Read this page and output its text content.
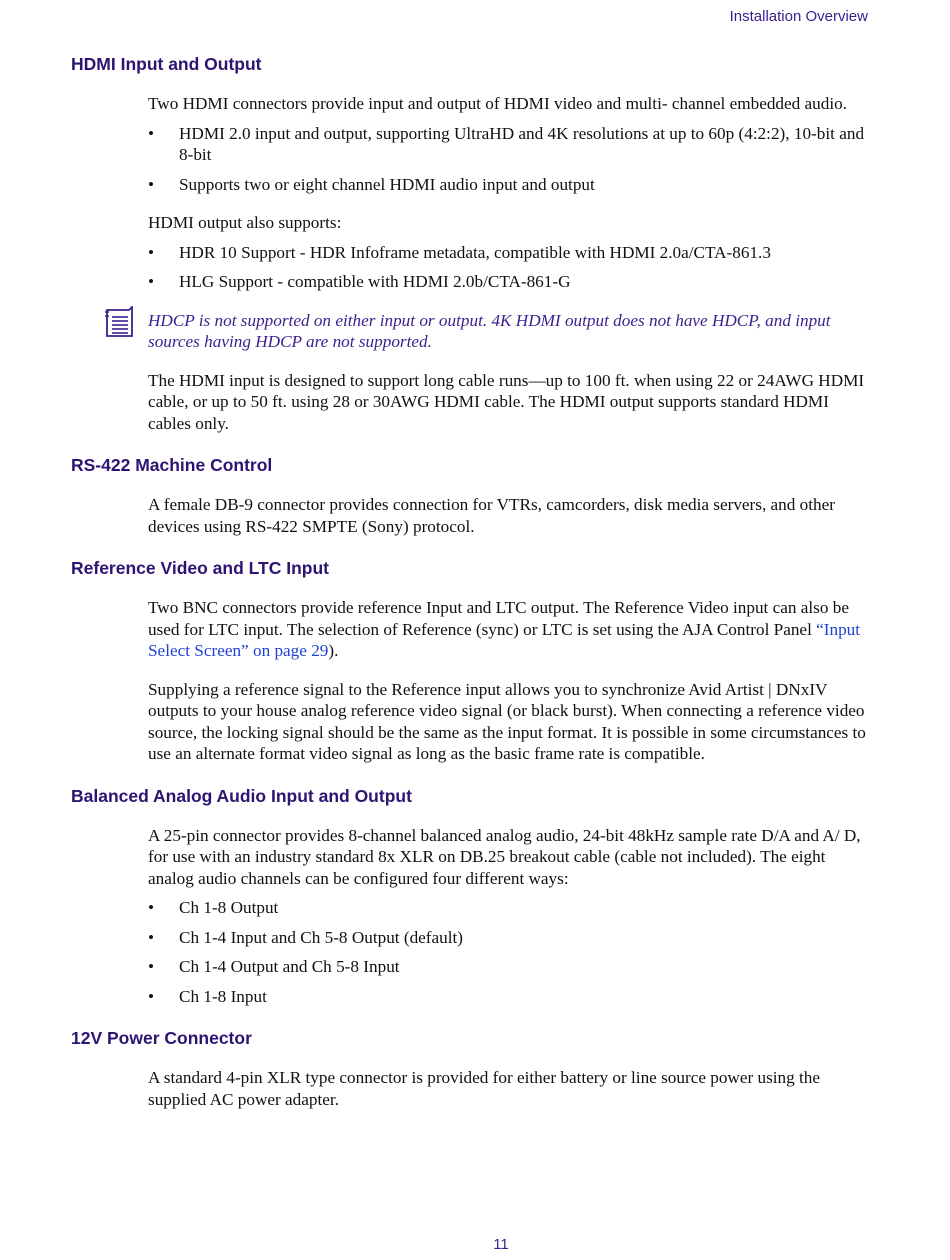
Installation Overview
HDMI Input and Output

Two HDMI connectors provide input and output of HDMI video and multi- channel embedded audio.

• HDMI 2.0 input and output, supporting UltraHD and 4K resolutions at up to 60p (4:2:2), 10-bit and 8-bit
• Supports two or eight channel HDMI audio input and output

HDMI output also supports:

• HDR 10 Support - HDR Infoframe metadata, compatible with HDMI 2.0a/CTA-861.3
• HLG Support - compatible with HDMI 2.0b/CTA-861-G

HDCP is not supported on either input or output. 4K HDMI output does not have HDCP, and input sources having HDCP are not supported.

The HDMI input is designed to support long cable runs—up to 100 ft. when using 22 or 24AWG HDMI cable, or up to 50 ft. using 28 or 30AWG HDMI cable. The HDMI output supports standard HDMI cables only.

RS-422 Machine Control

A female DB-9 connector provides connection for VTRs, camcorders, disk media servers, and other devices using RS-422 SMPTE (Sony) protocol.

Reference Video and LTC Input

Two BNC connectors provide reference Input and LTC output. The Reference Video input can also be used for LTC input. The selection of Reference (sync) or LTC is set using the AJA Control Panel “Input Select Screen” on page 29).

Supplying a reference signal to the Reference input allows you to synchronize Avid Artist | DNxIV outputs to your house analog reference video signal (or black burst). When connecting a reference video source, the locking signal should be the same as the input format. It is possible in some circumstances to use an alternate format video signal as long as the basic frame rate is compatible.

Balanced Analog Audio Input and Output

A 25-pin connector provides 8-channel balanced analog audio, 24-bit 48kHz sample rate D/A and A/ D, for use with an industry standard 8x XLR on DB.25 breakout cable (cable not included). The eight analog audio channels can be configured four different ways:

• Ch 1-8 Output
• Ch 1-4 Input and Ch 5-8 Output (default)
• Ch 1-4 Output and Ch 5-8 Input
• Ch 1-8 Input
12V Power Connector

A standard 4-pin XLR type connector is provided for either battery or line source power using the supplied AC power adapter.

11
